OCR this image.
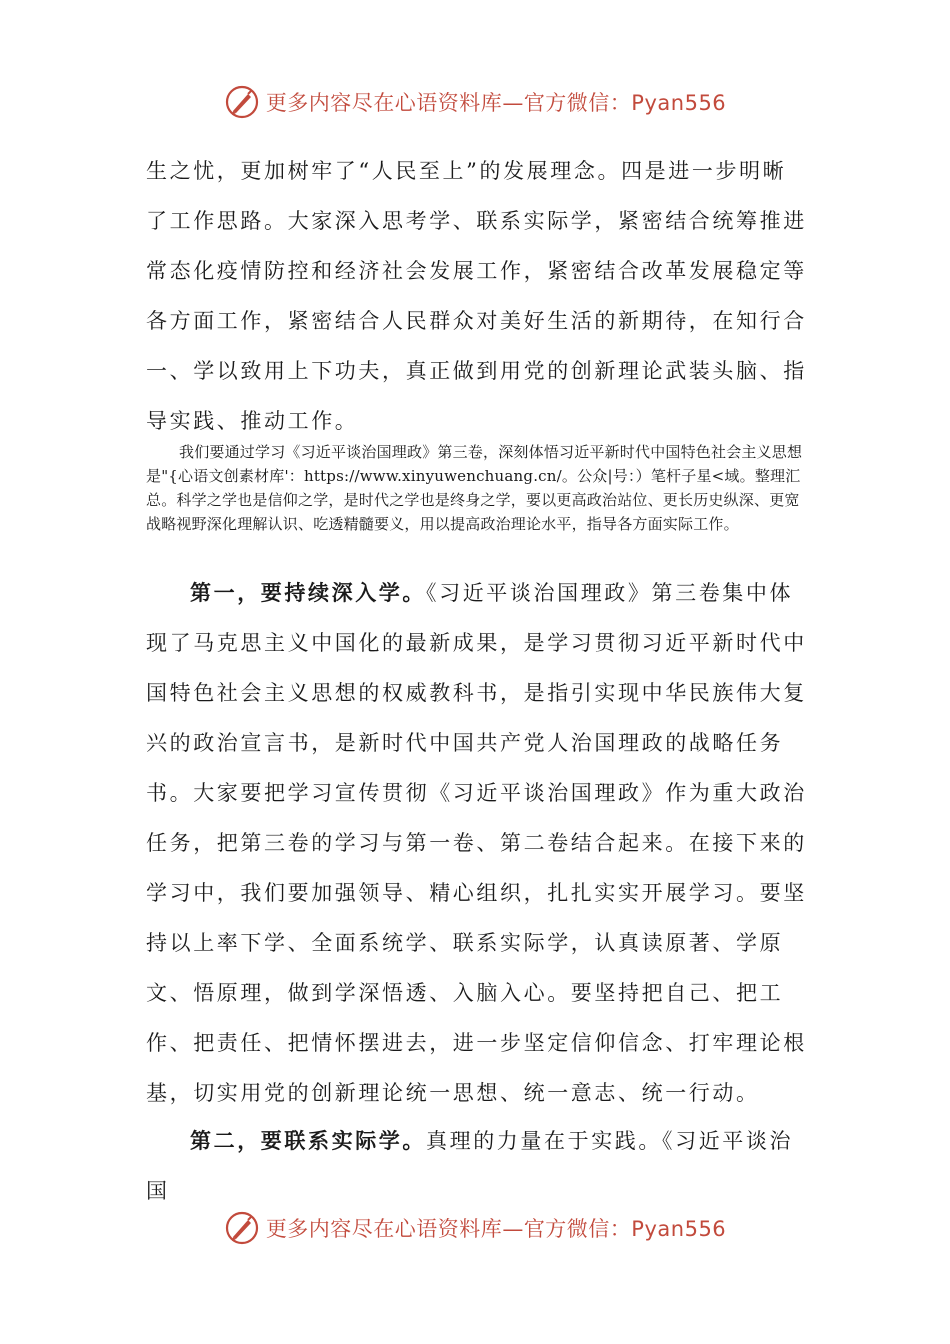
更多内容尽在心语资料库—官方微信：Pyan556

生之忧，更加树牢了“人民至上”的发展理念。四是进一步明晰了工作思路。大家深入思考学、联系实际学，紧密结合统筹推进常态化疫情防控和经济社会发展工作，紧密结合改革发展稳定等各方面工作，紧密结合人民群众对美好生活的新期待，在知行合一、学以致用上下功夫，真正做到用党的创新理论武装头脑、指导实践、推动工作。

我们要通过学习《习近平谈治国理政》第三卷，深刻体悟习近平新时代中国特色社会主义思想是"{心语文创素材库'：https://www.xinyuwenchuang.cn/。公众|号：）笔杆子星<域。整理汇总。科学之学也是信仰之学，是时代之学也是终身之学，要以更高政治站位、更长历史纵深、更宽战略视野深化理解认识、吃透精髓要义，用以提高政治理论水平，指导各方面实际工作。

第一，要持续深入学。《习近平谈治国理政》第三卷集中体现了马克思主义中国化的最新成果，是学习贯彻习近平新时代中国特色社会主义思想的权威教科书，是指引实现中华民族伟大复兴的政治宣言书，是新时代中国共产党人治国理政的战略任务书。大家要把学习宣传贯彻《习近平谈治国理政》作为重大政治任务，把第三卷的学习与第一卷、第二卷结合起来。在接下来的学习中，我们要加强领导、精心组织，扎扎实实开展学习。要坚持以上率下学、全面系统学、联系实际学，认真读原著、学原文、悟原理，做到学深悟透、入脑入心。要坚持把自己、把工作、把责任、把情怀摆进去，进一步坚定信仰信念、打牢理论根基，切实用党的创新理论统一思想、统一意志、统一行动。

第二，要联系实际学。真理的力量在于实践。《习近平谈治国

更多内容尽在心语资料库—官方微信：Pyan556
